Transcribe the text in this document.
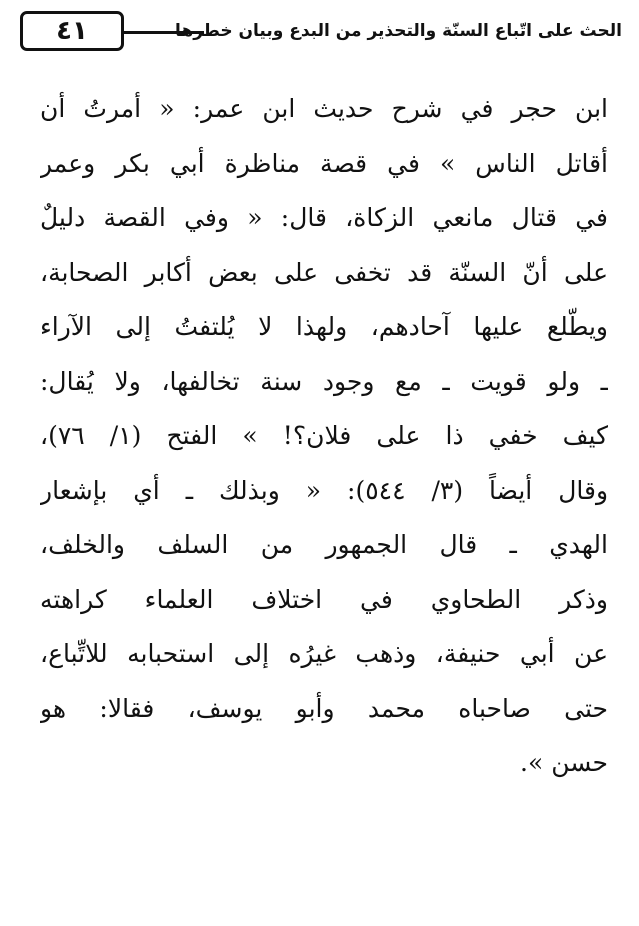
٤١	الحث على اتّباع السنّة والتحذير من البدع وبيان خطرها
ابن حجر في شرح حديث ابن عمر: « أمرتُ أن
أقاتل الناس » في قصة مناظرة أبي بكر وعمر
في قتال مانعي الزكاة، قال: « وفي القصة دليلٌ
على أنّ السنّة قد تخفى على بعض أكابر الصحابة،
ويطّلع عليها آحادهم، ولهذا لا يُلتفتُ إلى الآراء
ـ ولو قويت ـ مع وجود سنة تخالفها، ولا يُقال:
كيف خفي ذا على فلان؟! » الفتح (١/ ٧٦)،
وقال أيضاً (٣/ ٥٤٤): « وبذلك ـ أي بإشعار
الهدي ـ قال الجمهور من السلف والخلف،
وذكر الطحاوي في اختلاف العلماء كراهته
عن أبي حنيفة، وذهب غيرُه إلى استحبابه للاتِّباع،
حتى صاحباه محمد وأبو يوسف، فقالا: هو
حسن ».
